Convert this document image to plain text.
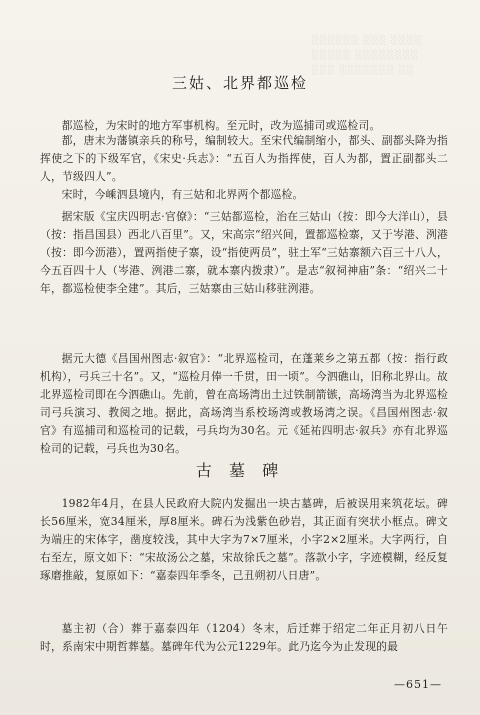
░░░░░░ ░░░ ░░░░
░░░░░ ░░░░░░░░
░░░ ░░░░░░░ ░░
三姑、北界都巡检

都巡检，为宋时的地方军事机构。至元时，改为巡捕司或巡检司。

都，唐末为藩镇亲兵的称号，编制较大。至宋代编制缩小，都头、副都头降为指挥使之下的下级军官，《宋史·兵志》：“五百人为指挥使，百人为都，置正副都头二人，节级四人”。

宋时，今嵊泗县境内，有三姑和北界两个都巡检。

据宋版《宝庆四明志·官僚》：“三姑都巡检，治在三姑山（按：即今大洋山），县（按：指昌国县）西北八百里”。又，宋高宗“绍兴间，置都巡检寨，又于岑港、洌港（按：即今沥港），置两指使子寨，设“指使两员”，驻土军“三姑寨额六百三十八人，今五百四十人（岑港、洌港二寨，就本寨内拨隶）”。是志“叙祠神庙”条：“绍兴二十年，都巡检使李全建”。其后，三姑寨由三姑山移驻洌港。

据元大德《昌国州图志·叙官》：“北界巡检司，在蓬莱乡之第五都（按：指行政机构），弓兵三十名”。又，“巡检月俸一千贯，田一顷”。今泗礁山，旧称北界山。故北界巡检司即在今泗礁山。先前，曾在高场湾出土过铁制箭镞，高场湾当为北界巡检司弓兵演习、教阅之地。据此，高场湾当系校场湾或教场湾之误。《昌国州图志·叙官》有巡捕司和巡检司的记载，弓兵均为30名。元《延祐四明志·叙兵》亦有北界巡检司的记载，弓兵也为30名。

古 墓 碑

1982年4月，在县人民政府大院内发掘出一块古墓碑，后被误用来筑花坛。碑长56厘米，宽34厘米，厚8厘米。碑石为浅紫色砂岩，其正面有突状小框点。碑文为端庄的宋体字，凿度较浅，其中大字为7×7厘米，小字2×2厘米。大字两行，自右至左，原文如下：“宋故汤公之墓，宋故徐氏之墓”。落款小字，字迹模糊，经反复琢磨推敲，复原如下：“嘉泰四年季冬，己丑朔初八日唐”。

墓主初（合）葬于嘉泰四年（1204）冬末，后迁葬于绍定二年正月初八日午时，系南宋中期哲葬墓。墓碑年代为公元1229年。此乃迄今为止发现的最

—651—
